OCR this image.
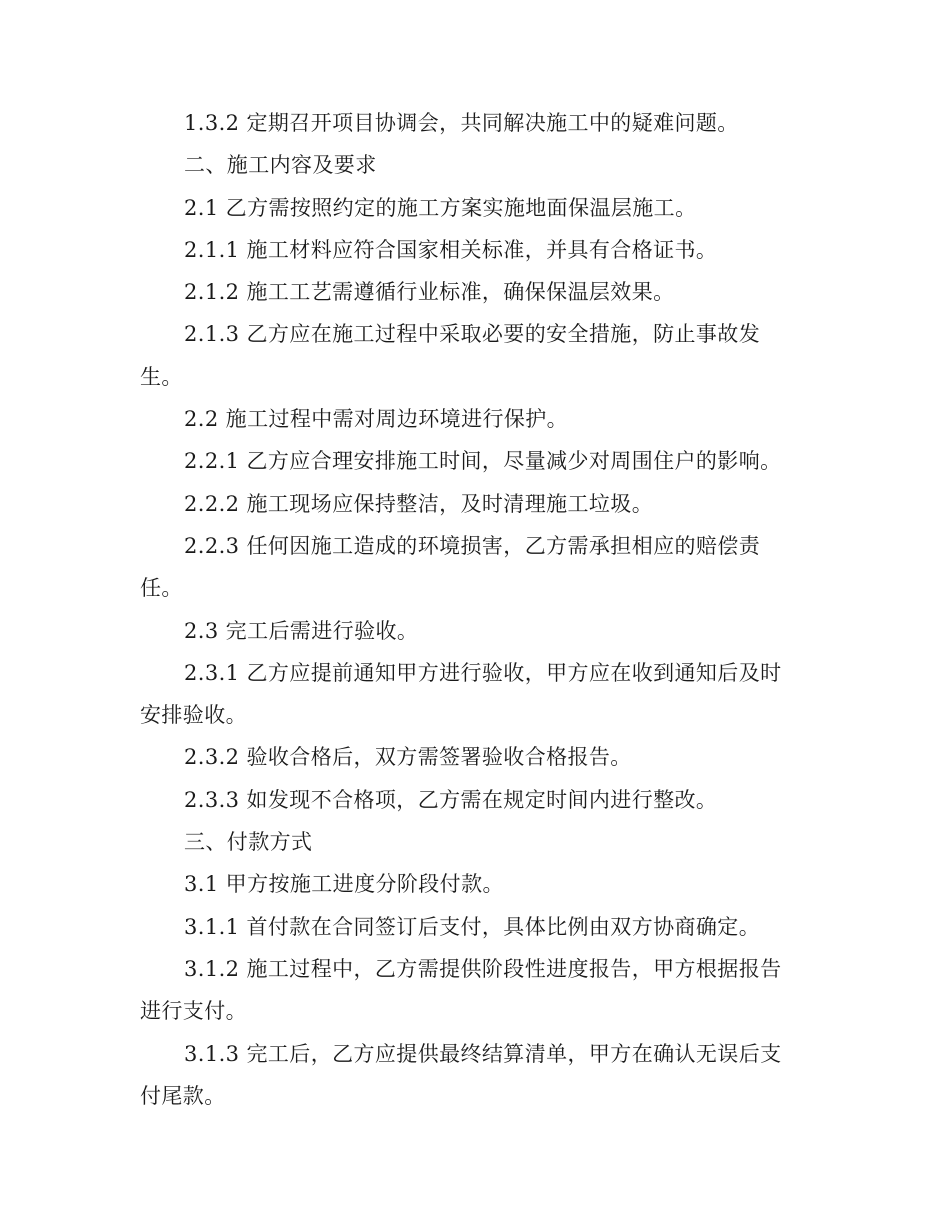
1.3.2 定期召开项目协调会，共同解决施工中的疑难问题。
二、施工内容及要求
2.1 乙方需按照约定的施工方案实施地面保温层施工。
2.1.1 施工材料应符合国家相关标准，并具有合格证书。
2.1.2 施工工艺需遵循行业标准，确保保温层效果。
2.1.3 乙方应在施工过程中采取必要的安全措施，防止事故发
生。
2.2 施工过程中需对周边环境进行保护。
2.2.1 乙方应合理安排施工时间，尽量减少对周围住户的影响。
2.2.2 施工现场应保持整洁，及时清理施工垃圾。
2.2.3 任何因施工造成的环境损害，乙方需承担相应的赔偿责
任。
2.3 完工后需进行验收。
2.3.1 乙方应提前通知甲方进行验收，甲方应在收到通知后及时
安排验收。
2.3.2 验收合格后，双方需签署验收合格报告。
2.3.3 如发现不合格项，乙方需在规定时间内进行整改。
三、付款方式
3.1 甲方按施工进度分阶段付款。
3.1.1 首付款在合同签订后支付，具体比例由双方协商确定。
3.1.2 施工过程中，乙方需提供阶段性进度报告，甲方根据报告
进行支付。
3.1.3 完工后，乙方应提供最终结算清单，甲方在确认无误后支
付尾款。
